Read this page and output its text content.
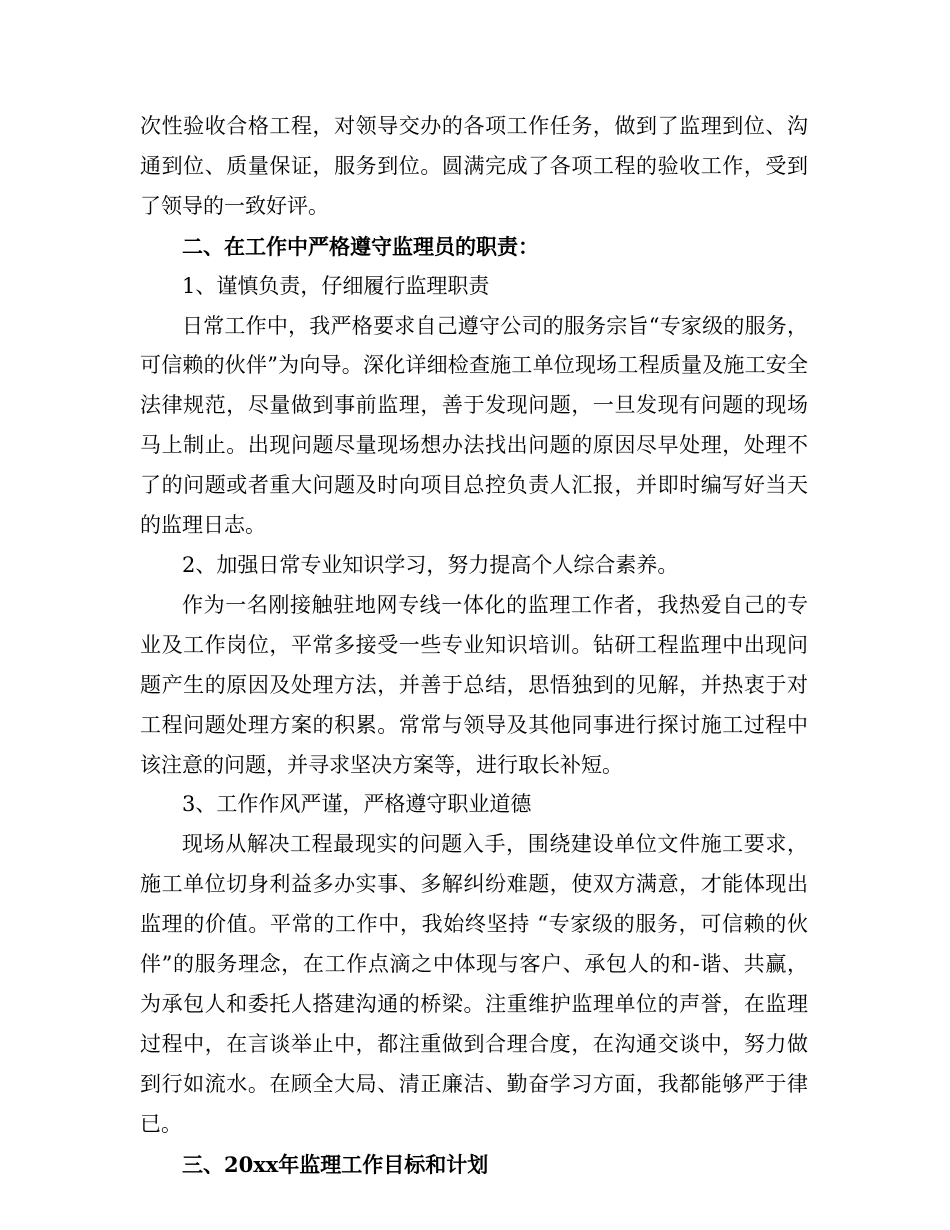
次性验收合格工程，对领导交办的各项工作任务，做到了监理到位、沟通到位、质量保证，服务到位。圆满完成了各项工程的验收工作，受到了领导的一致好评。

二、在工作中严格遵守监理员的职责：

1、谨慎负责，仔细履行监理职责

日常工作中，我严格要求自己遵守公司的服务宗旨“专家级的服务，可信赖的伙伴”为向导。深化详细检查施工单位现场工程质量及施工安全法律规范，尽量做到事前监理，善于发现问题，一旦发现有问题的现场马上制止。出现问题尽量现场想办法找出问题的原因尽早处理，处理不了的问题或者重大问题及时向项目总控负责人汇报，并即时编写好当天的监理日志。

2、加强日常专业知识学习，努力提高个人综合素养。

作为一名刚接触驻地网专线一体化的监理工作者，我热爱自己的专业及工作岗位，平常多接受一些专业知识培训。钻研工程监理中出现问题产生的原因及处理方法，并善于总结，思悟独到的见解，并热衷于对工程问题处理方案的积累。常常与领导及其他同事进行探讨施工过程中该注意的问题，并寻求坚决方案等，进行取长补短。

3、工作作风严谨，严格遵守职业道德

现场从解决工程最现实的问题入手，围绕建设单位文件施工要求，施工单位切身利益多办实事、多解纠纷难题，使双方满意，才能体现出监理的价值。平常的工作中，我始终坚持 “专家级的服务，可信赖的伙伴”的服务理念，在工作点滴之中体现与客户、承包人的和-谐、共赢，为承包人和委托人搭建沟通的桥梁。注重维护监理单位的声誉，在监理过程中，在言谈举止中，都注重做到合理合度，在沟通交谈中，努力做到行如流水。在顾全大局、清正廉洁、勤奋学习方面，我都能够严于律已。

三、20xx年监理工作目标和计划
